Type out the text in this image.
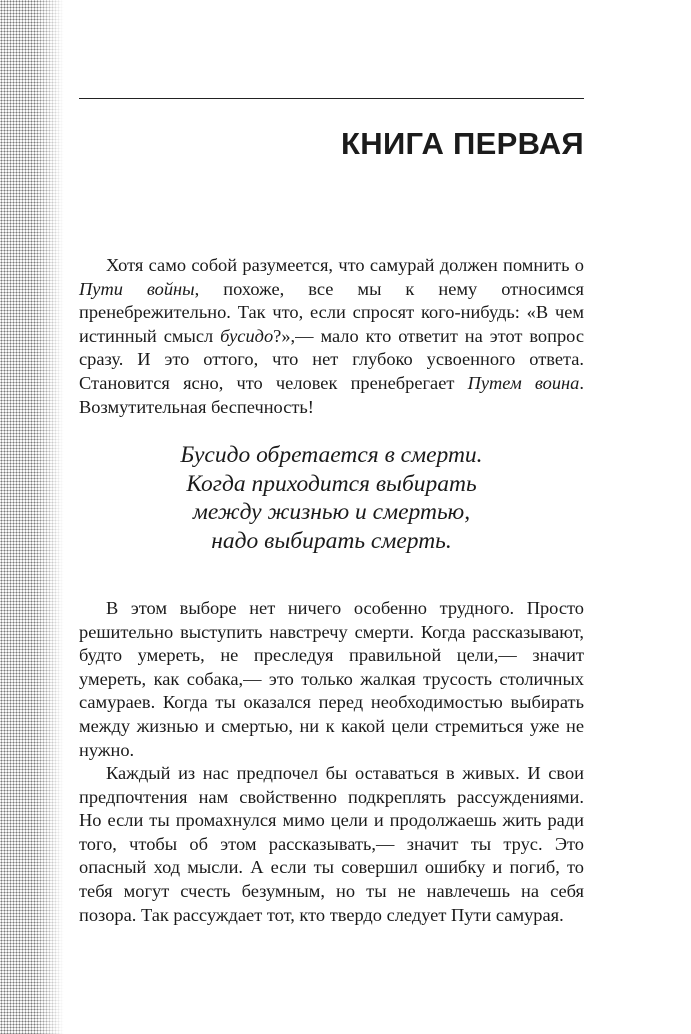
КНИГА ПЕРВАЯ

Хотя само собой разумеется, что самурай должен помнить о Пути войны, похоже, все мы к нему относимся пренебрежительно. Так что, если спросят кого-нибудь: «В чем истинный смысл бусидо?»,— мало кто ответит на этот вопрос сразу. И это оттого, что нет глубоко усвоенного ответа. Становится ясно, что человек пренебрегает Путем воина. Возмутительная беспечность!

Бусидо обретается в смерти.
Когда приходится выбирать
между жизнью и смертью,
надо выбирать смерть.

В этом выборе нет ничего особенно трудного. Просто решительно выступить навстречу смерти. Когда рассказывают, будто умереть, не преследуя правильной цели,— значит умереть, как собака,— это только жалкая трусость столичных самураев. Когда ты оказался перед необходимостью выбирать между жизнью и смертью, ни к какой цели стремиться уже не нужно.

Каждый из нас предпочел бы оставаться в живых. И свои предпочтения нам свойственно подкреплять рассуждениями. Но если ты промахнулся мимо цели и продолжаешь жить ради того, чтобы об этом рассказывать,— значит ты трус. Это опасный ход мысли. А если ты совершил ошибку и погиб, то тебя могут счесть безумным, но ты не навлечешь на себя позора. Так рассуждает тот, кто твердо следует Пути самурая.
